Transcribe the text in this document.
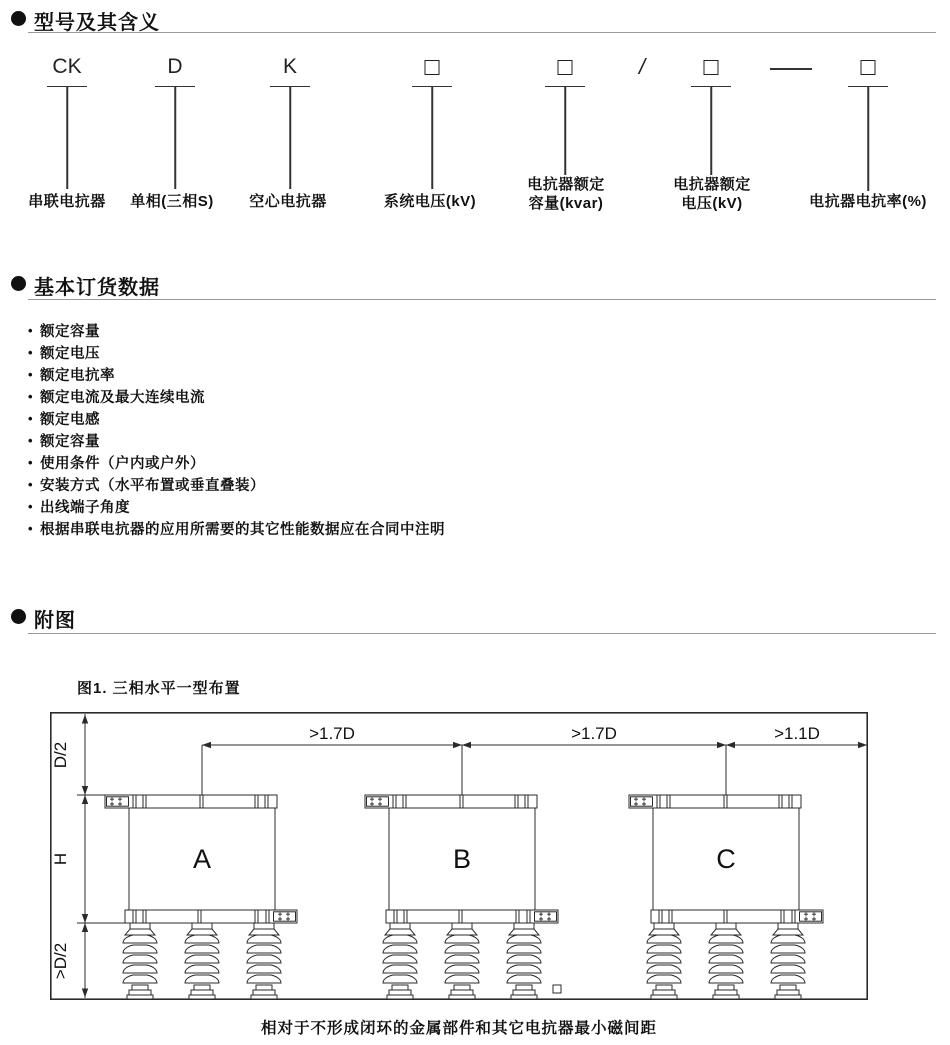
型号及其含义
CK
串联电抗器
D
单相(三相S)
K
空心电抗器	系统电压(kV)
电抗器额定
容量(kvar)
/
电抗器额定
电压(kV)	电抗器电抗率(%)
基本订货数据
• 额定容量
• 额定电压
• 额定电抗率
• 额定电流及最大连续电流
• 额定电感
• 额定容量
• 使用条件（户内或户外）
• 安装方式（水平布置或垂直叠装）
• 出线端子角度
• 根据串联电抗器的应用所需要的其它性能数据应在合同中注明
附图
图1. 三相水平一型布置
A	B	C
>1.7D	>1.7D	>1.1D
D/2
H
>D/2
相对于不形成闭环的金属部件和其它电抗器最小磁间距
